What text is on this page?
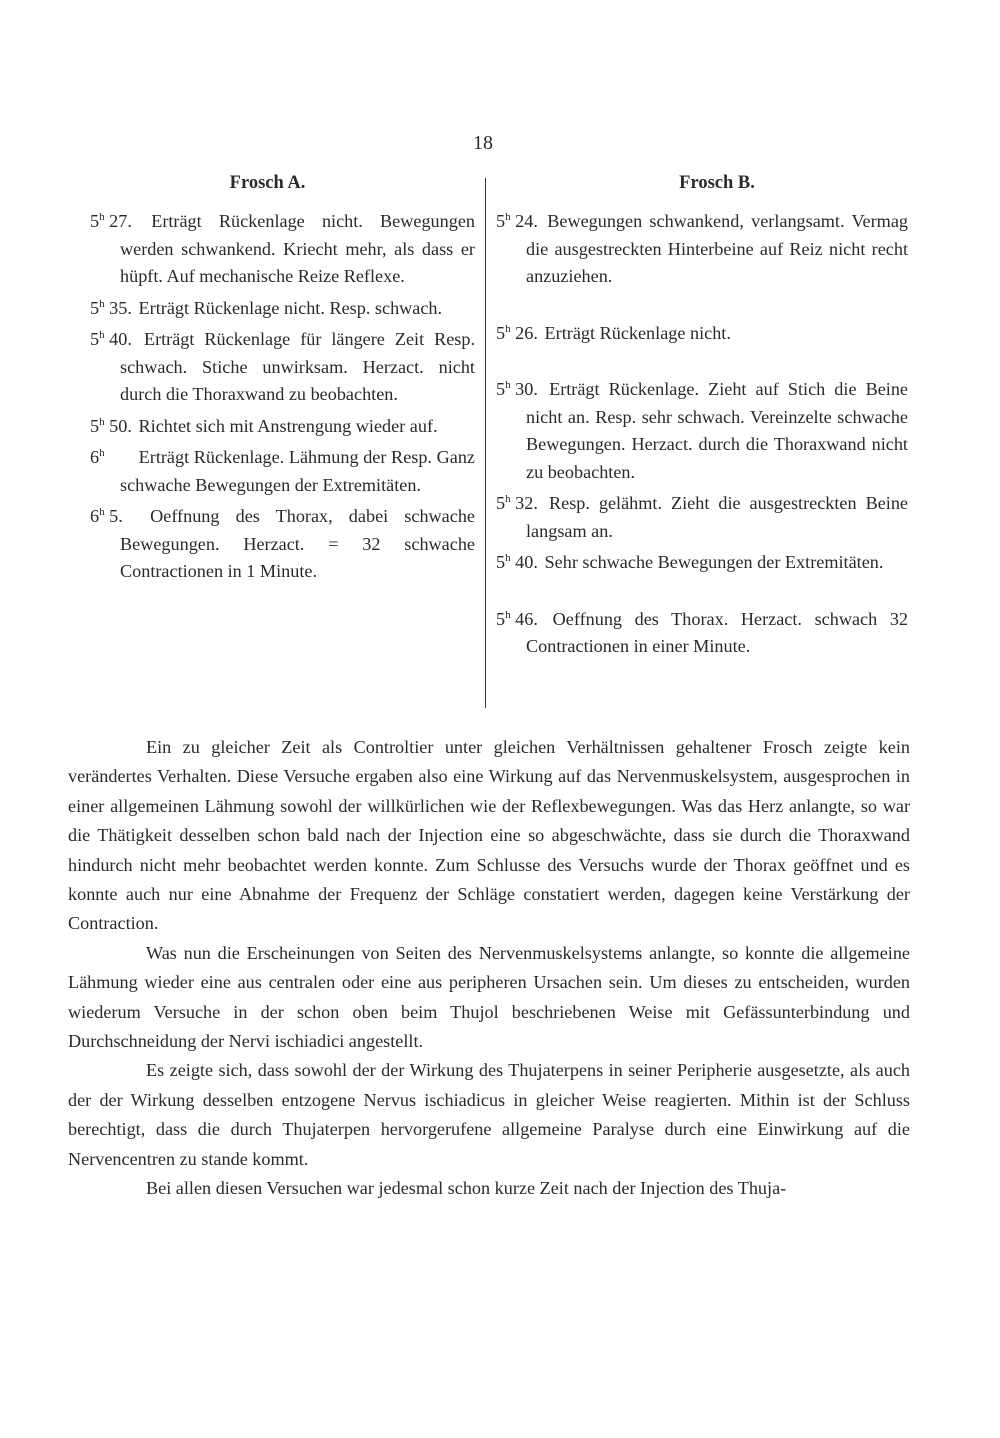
18
Frosch A.

5$^h$ 27. Erträgt Rückenlage nicht. Bewegungen werden schwankend. Kriecht mehr, als dass er hüpft. Auf mechanische Reize Reflexe.

5$^h$ 35. Erträgt Rückenlage nicht. Resp. schwach.

5$^h$ 40. Erträgt Rückenlage für längere Zeit Resp. schwach. Stiche unwirksam. Herzact. nicht durch die Thoraxwand zu beobachten.

5$^h$ 50. Richtet sich mit Anstrengung wieder auf.

6$^h$ Erträgt Rückenlage. Lähmung der Resp. Ganz schwache Bewegungen der Extremitäten.

6$^h$ 5. Oeffnung des Thorax, dabei schwache Bewegungen. Herzact. = 32 schwache Contractionen in 1 Minute.

Frosch B.

5$^h$ 24. Bewegungen schwankend, verlangsamt. Vermag die ausgestreckten Hinterbeine auf Reiz nicht recht anzuziehen.

5$^h$ 26. Erträgt Rückenlage nicht.

5$^h$ 30. Erträgt Rückenlage. Zieht auf Stich die Beine nicht an. Resp. sehr schwach. Vereinzelte schwache Bewegungen. Herzact. durch die Thoraxwand nicht zu beobachten.

5$^h$ 32. Resp. gelähmt. Zieht die ausgestreckten Beine langsam an.

5$^h$ 40. Sehr schwache Bewegungen der Extremitäten.

5$^h$ 46. Oeffnung des Thorax. Herzact. schwach 32 Contractionen in einer Minute.

Ein zu gleicher Zeit als Controltier unter gleichen Verhältnissen gehaltener Frosch zeigte kein verändertes Verhalten. Diese Versuche ergaben also eine Wirkung auf das Nervenmuskelsystem, ausgesprochen in einer allgemeinen Lähmung sowohl der willkürlichen wie der Reflexbewegungen. Was das Herz anlangte, so war die Thätigkeit desselben schon bald nach der Injection eine so abgeschwächte, dass sie durch die Thoraxwand hindurch nicht mehr beobachtet werden konnte. Zum Schlusse des Versuchs wurde der Thorax geöffnet und es konnte auch nur eine Abnahme der Frequenz der Schläge constatiert werden, dagegen keine Verstärkung der Contraction.

Was nun die Erscheinungen von Seiten des Nervenmuskelsystems anlangte, so konnte die allgemeine Lähmung wieder eine aus centralen oder eine aus peripheren Ursachen sein. Um dieses zu entscheiden, wurden wiederum Versuche in der schon oben beim Thujol beschriebenen Weise mit Gefässunterbindung und Durchschneidung der Nervi ischiadici angestellt.

Es zeigte sich, dass sowohl der der Wirkung des Thujaterpens in seiner Peripherie ausgesetzte, als auch der der Wirkung desselben entzogene Nervus ischiadicus in gleicher Weise reagierten. Mithin ist der Schluss berechtigt, dass die durch Thujaterpen hervorgerufene allgemeine Paralyse durch eine Einwirkung auf die Nervencentren zu stande kommt.

Bei allen diesen Versuchen war jedesmal schon kurze Zeit nach der Injection des Thuja-
